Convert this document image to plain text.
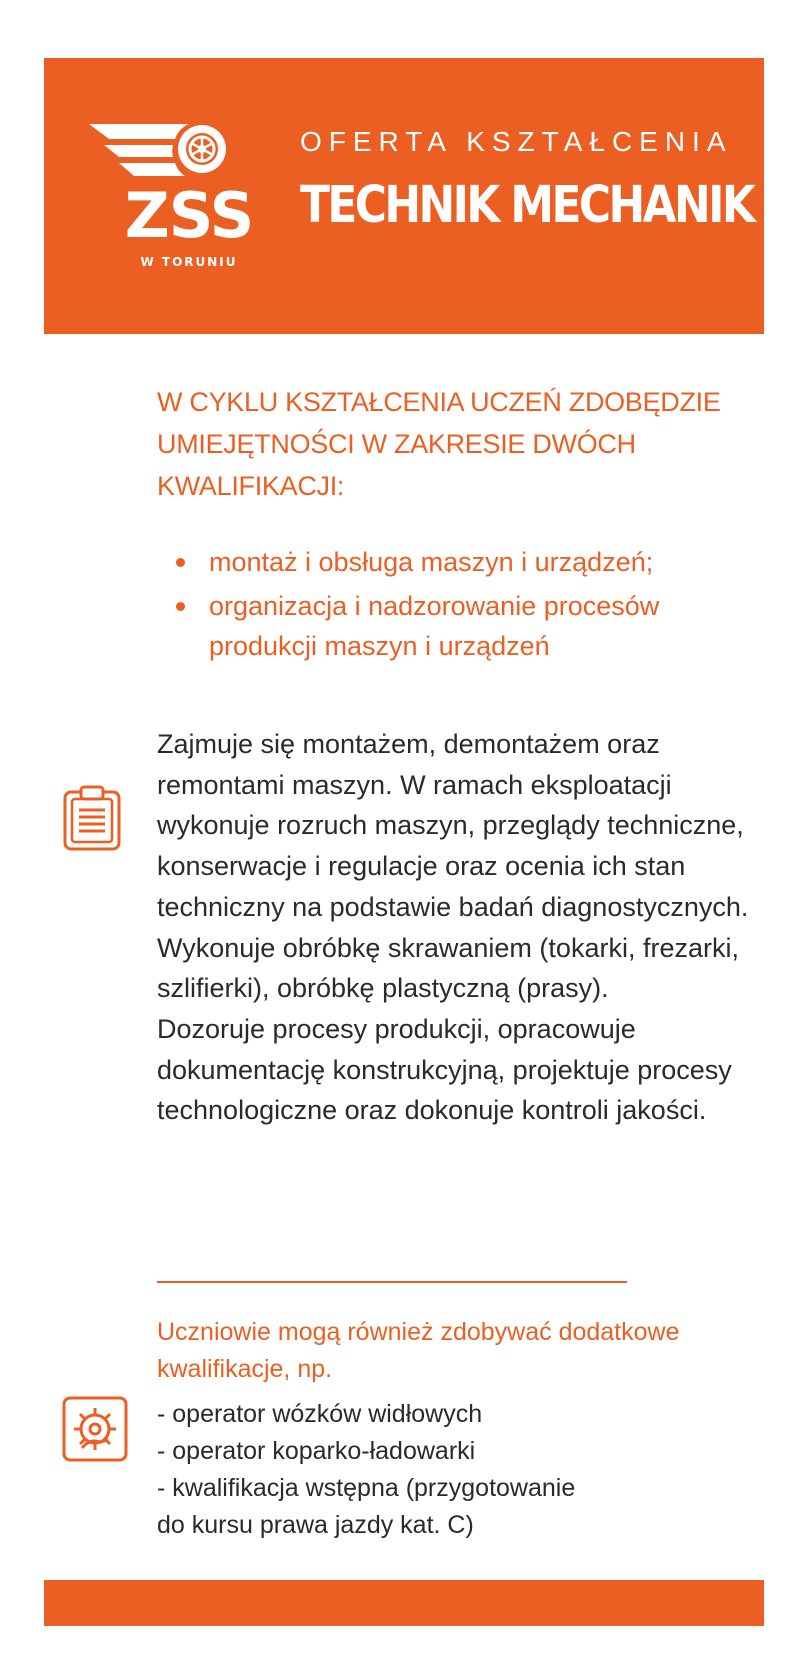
ZSS
W TORUNIU
OFERTA KSZTAŁCENIA
TECHNIK MECHANIK
W CYKLU KSZTAŁCENIA UCZEŃ ZDOBĘDZIE UMIEJĘTNOŚCI W ZAKRESIE DWÓCH KWALIFIKACJI:
montaż i obsługa maszyn i urządzeń;
organizacja i nadzorowanie procesów produkcji maszyn i urządzeń

Zajmuje się montażem, demontażem oraz remontami maszyn. W ramach eksploatacji wykonuje rozruch maszyn, przeglądy techniczne, konserwacje i regulacje oraz ocenia ich stan techniczny na podstawie badań diagnostycznych. Wykonuje obróbkę skrawaniem (tokarki, frezarki, szlifierki), obróbkę plastyczną (prasy).

Dozoruje procesy produkcji, opracowuje dokumentację konstrukcyjną, projektuje procesy technologiczne oraz dokonuje kontroli jakości.

Uczniowie mogą również zdobywać dodatkowe kwalifikacje, np.
- operator wózków widłowych
- operator koparko-ładowarki
- kwalifikacja wstępna (przygotowanie
do kursu prawa jazdy kat. C)
